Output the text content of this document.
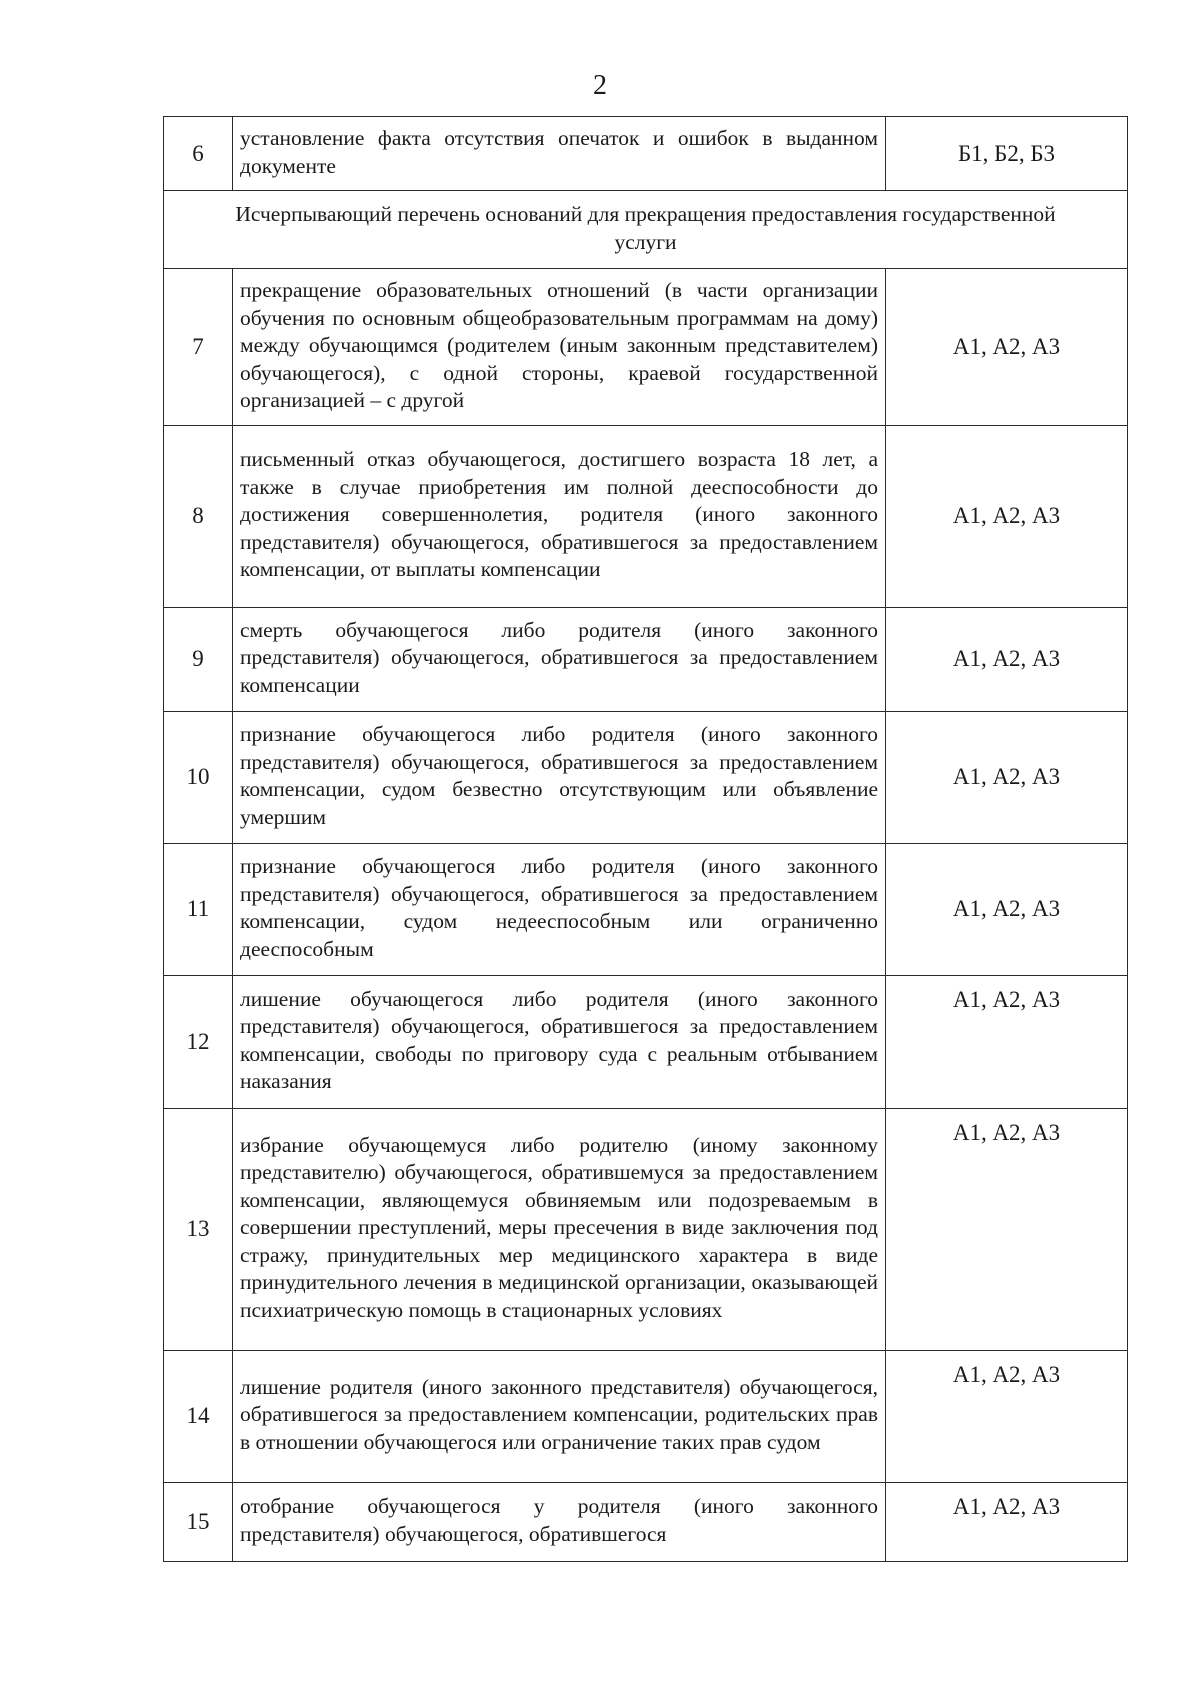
2
6	установление факта отсутствия опечаток и ошибок в выданном документе	Б1, Б2, Б3
Исчерпывающий перечень оснований для прекращения предоставления государственной услуги		
7	прекращение образовательных отношений (в части организации обучения по основным общеобразовательным программам на дому) между обучающимся (родителем (иным законным представителем) обучающегося), с одной стороны, краевой государственной организацией – с другой	А1, А2, А3
8	письменный отказ обучающегося, достигшего возраста 18 лет, а также в случае приобретения им полной дееспособности до достижения совершеннолетия, родителя (иного законного представителя) обучающегося, обратившегося за предоставлением компенсации, от выплаты компенсации	А1, А2, А3
9	смерть обучающегося либо родителя (иного законного представителя) обучающегося, обратившегося за предоставлением компенсации	А1, А2, А3
10	признание обучающегося либо родителя (иного законного представителя) обучающегося, обратившегося за предоставлением компенсации, судом безвестно отсутствующим или объявление умершим	А1, А2, А3
11	признание обучающегося либо родителя (иного законного представителя) обучающегося, обратившегося за предоставлением компенсации, судом недееспособным или ограниченно дееспособным	А1, А2, А3
12	лишение обучающегося либо родителя (иного законного представителя) обучающегося, обратившегося за предоставлением компенсации, свободы по приговору суда с реальным отбыванием наказания	А1, А2, А3
13	избрание обучающемуся либо родителю (иному законному представителю) обучающегося, обратившемуся за предоставлением компенсации, являющемуся обвиняемым или подозреваемым в совершении преступлений, меры пресечения в виде заключения под стражу, принудительных мер медицинского характера в виде принудительного лечения в медицинской организации, оказывающей психиатрическую помощь в стационарных условиях	А1, А2, А3
14	лишение родителя (иного законного представителя) обучающегося, обратившегося за предоставлением компенсации, родительских прав в отношении обучающегося или ограничение таких прав судом	А1, А2, А3
15	отобрание обучающегося у родителя (иного законного представителя) обучающегося, обратившегося	А1, А2, А3
